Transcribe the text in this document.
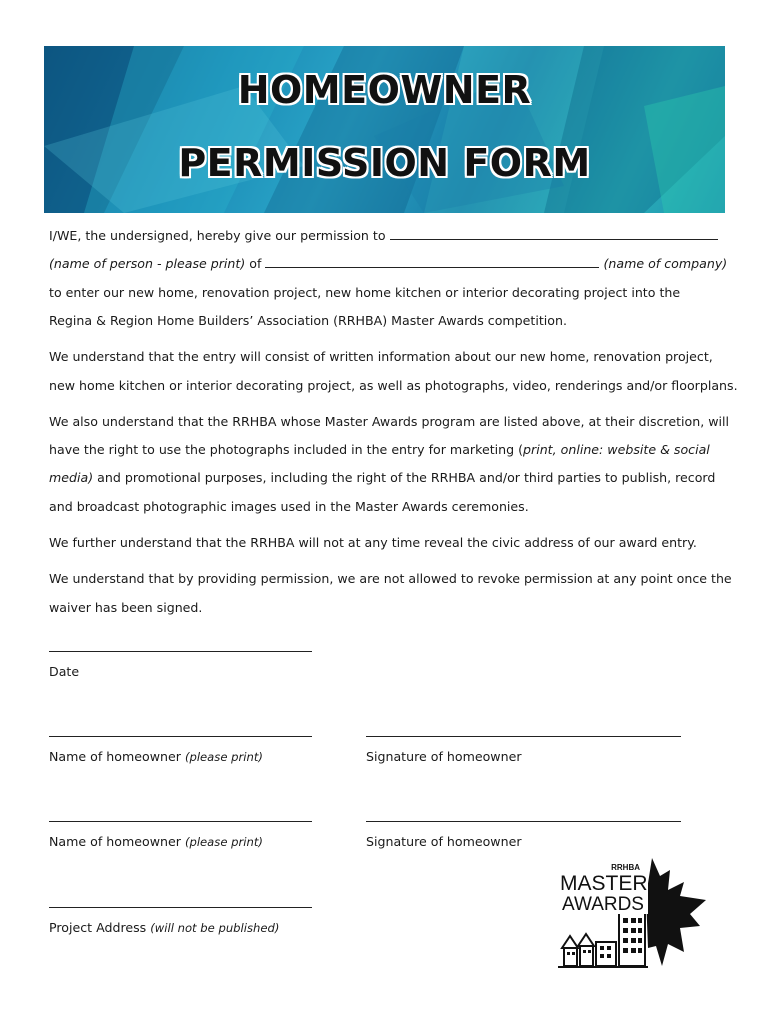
HOMEOWNER
PERMISSION FORM
I/WE, the undersigned, hereby give our permission to
(name of person - please print) of	(name of company)
to enter our new home, renovation project, new home kitchen or interior decorating project into the
Regina & Region Home Builders’ Association (RRHBA) Master Awards competition.
We understand that the entry will consist of written information about our new home, renovation project,
new home kitchen or interior decorating project, as well as photographs, video, renderings and/or floorplans.
We also understand that the RRHBA whose Master Awards program are listed above, at their discretion, will
have the right to use the photographs included in the entry for marketing (print, online: website & social
media) and promotional purposes, including the right of the RRHBA and/or third parties to publish, record
and broadcast photographic images used in the Master Awards ceremonies.
We further understand that the RRHBA will not at any time reveal the civic address of our award entry.
We understand that by providing permission, we are not allowed to revoke permission at any point once the
waiver has been signed.
Date
Name of homeowner (please print)	Signature of homeowner
Name of homeowner (please print)	Signature of homeowner
Project Address (will not be published)
RRHBA
MASTER
AWARDS
